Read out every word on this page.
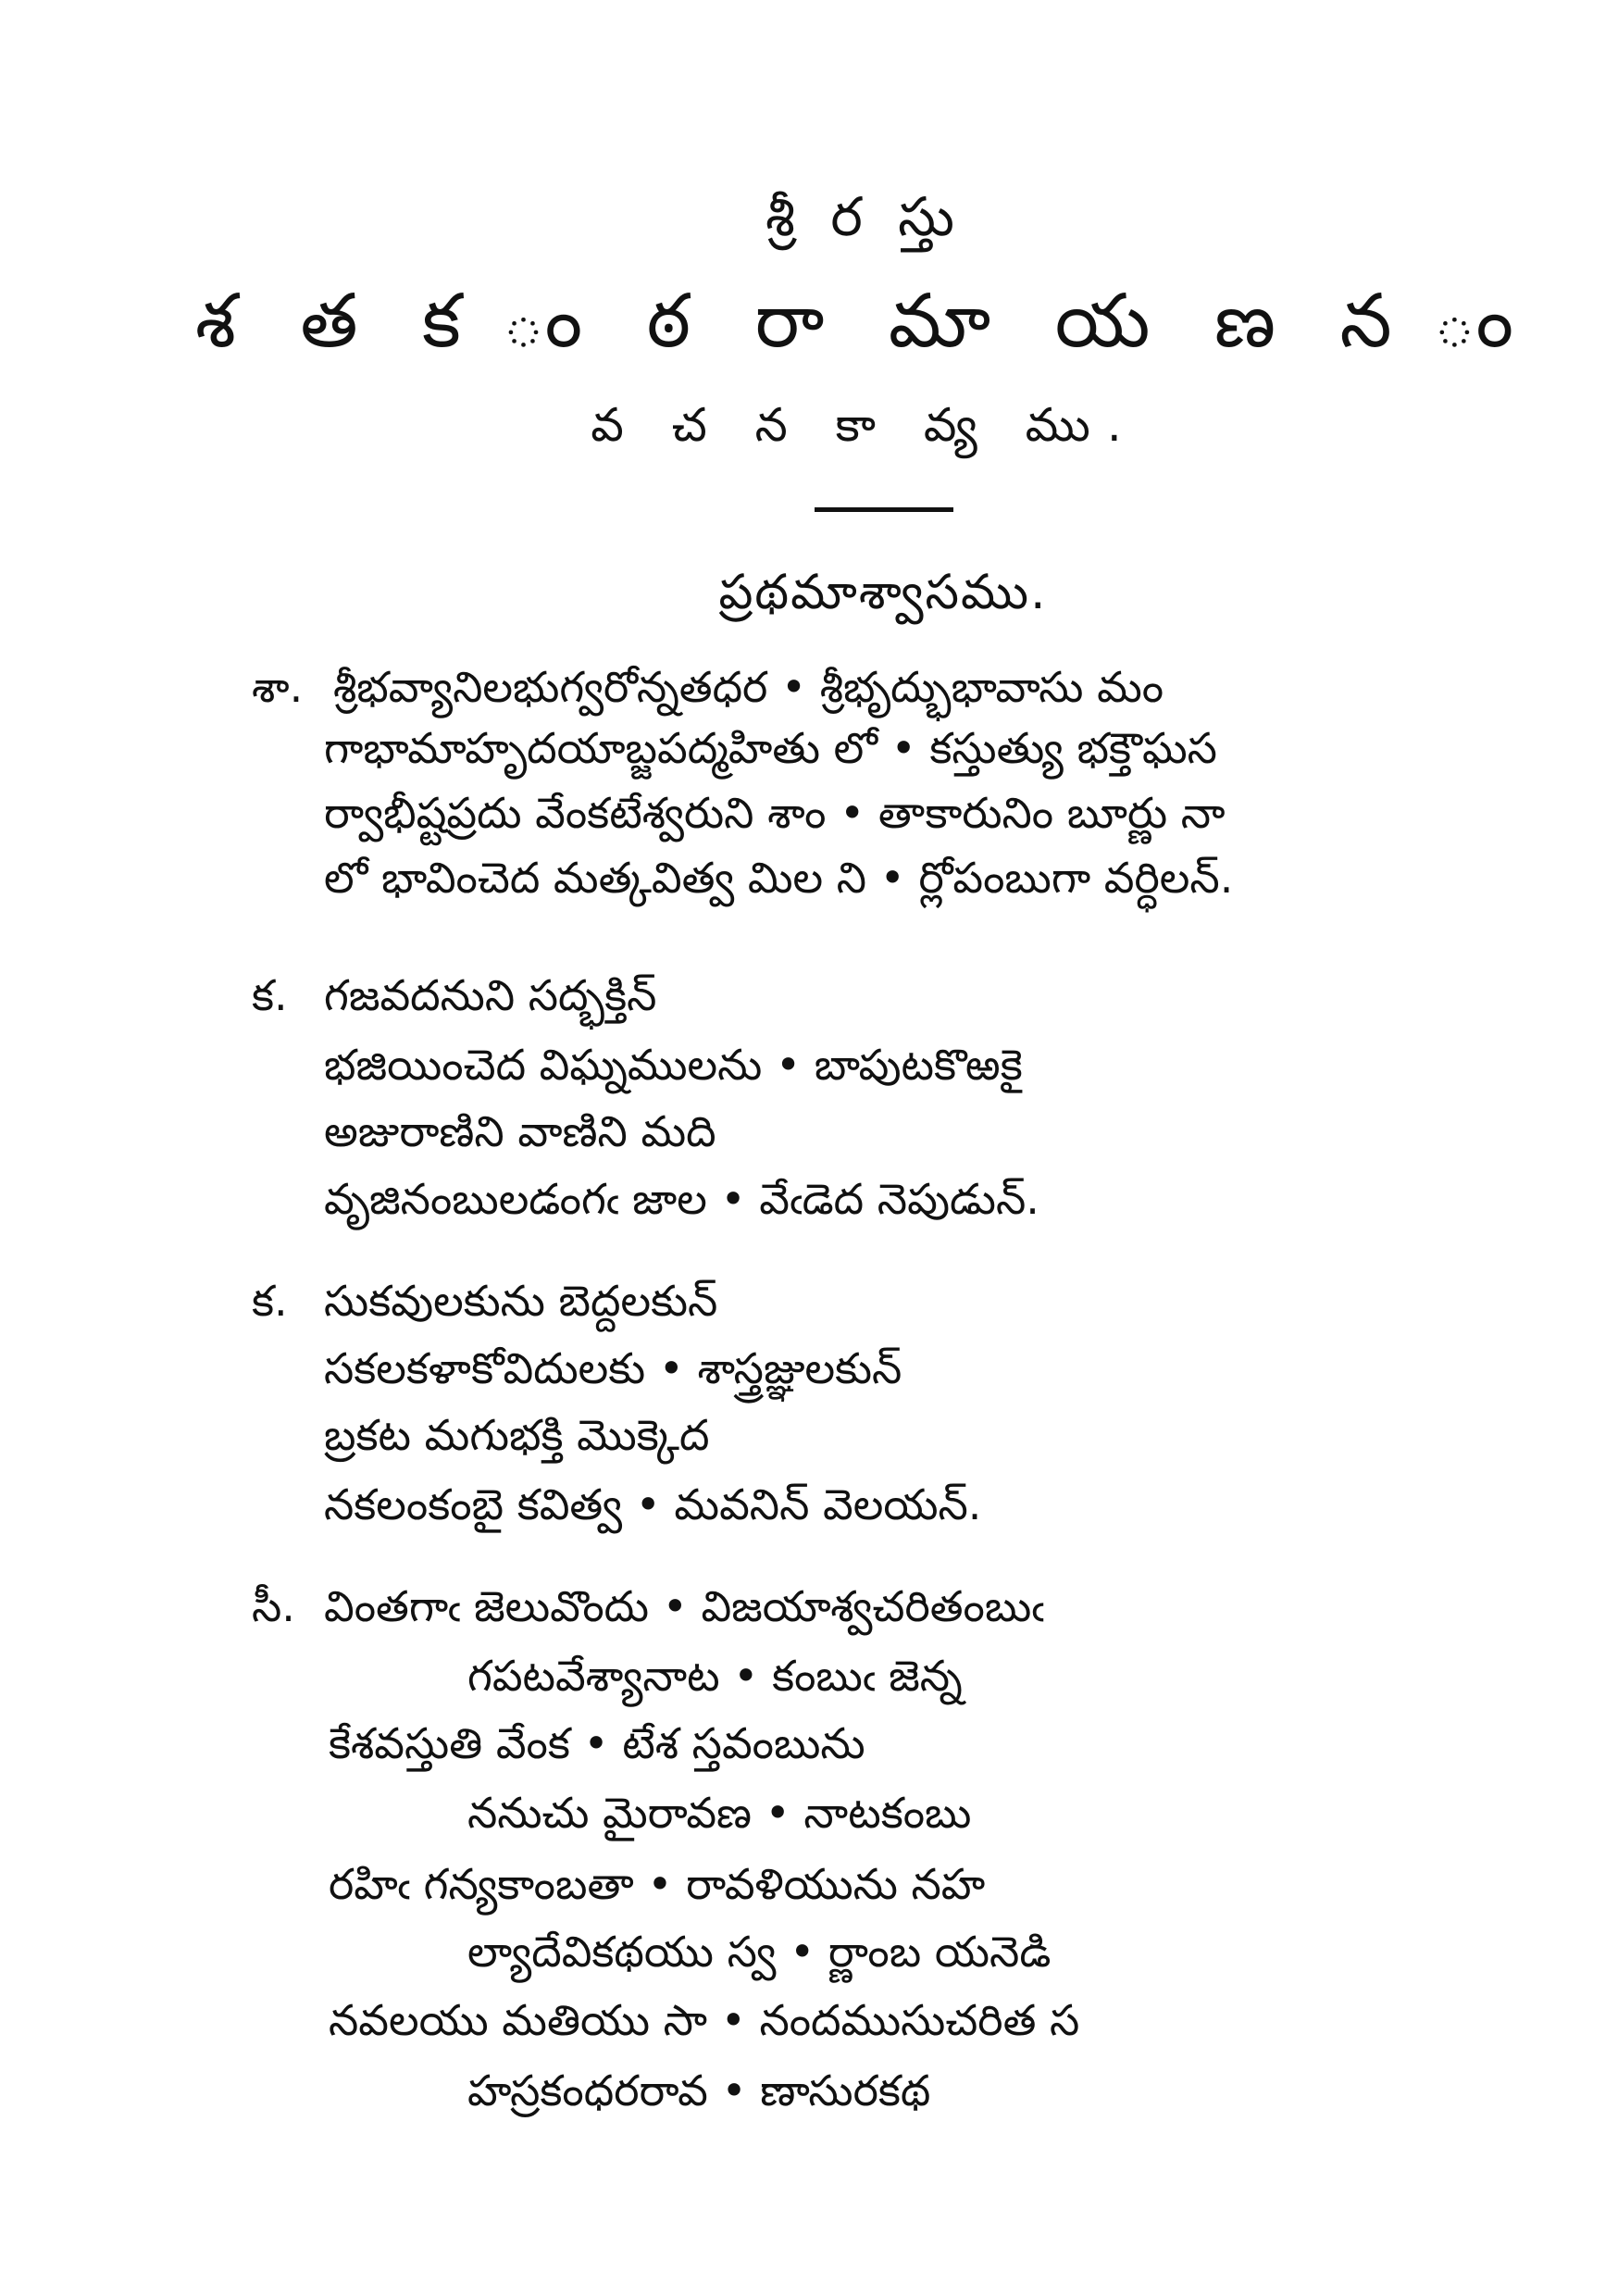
శ్రీ ర స్తు
శ త క ం ఠ రా మా య ణ న ం
వ చ న కా వ్య ము.
ప్రథమాశ్వాసము.
శా. శ్రీభవ్యానిలభుగ్వరోన్నతధర • శ్రీభృద్భుభావాసు మం
గాభామాహృదయాబ్జపద్మహితు లో • కస్తుత్యు భక్తౌఘస
ర్వాభీష్టప్రదు వేంకటేశ్వరుని శాం • తాకారునిం బూర్ణు నా
లో భావించెద మత్కవిత్వ మిల ని • ర్లోపంబుగా వర్ధిలన్.
క. గజవదనుని సద్భక్తిన్
భజియించెద విఘ్నములను • బాపుటకొఱకై
అజురాణిని వాణిని మది
వృజినంబులడంగఁ జాల • వేఁడెద నెపుడున్.
క. సుకవులకును బెద్దలకున్
సకలకళాకోవిదులకు • శాస్త్రజ్ఞులకున్
బ్రకట మగుభక్తి మొక్కెద
నకలంకంబై కవిత్వ • మవనిన్ వెలయన్.
సీ. వింతగాఁ జెలువొందు • విజయాశ్వచరితంబుఁ
గపటవేశ్యానాట • కంబుఁ జెన్న
కేశవస్తుతి వేంక • టేశ స్తవంబును
ననుచు మైరావణ • నాటకంబు
రహిఁ గన్యకాంబతా • రావళియును నహ
ల్యాదేవికథయు స్వ • ర్ణాంబ యనెడి
నవలయు మతియు సా • నందముసుచరిత స
హస్రకంధరరావ • ణాసురకథ
